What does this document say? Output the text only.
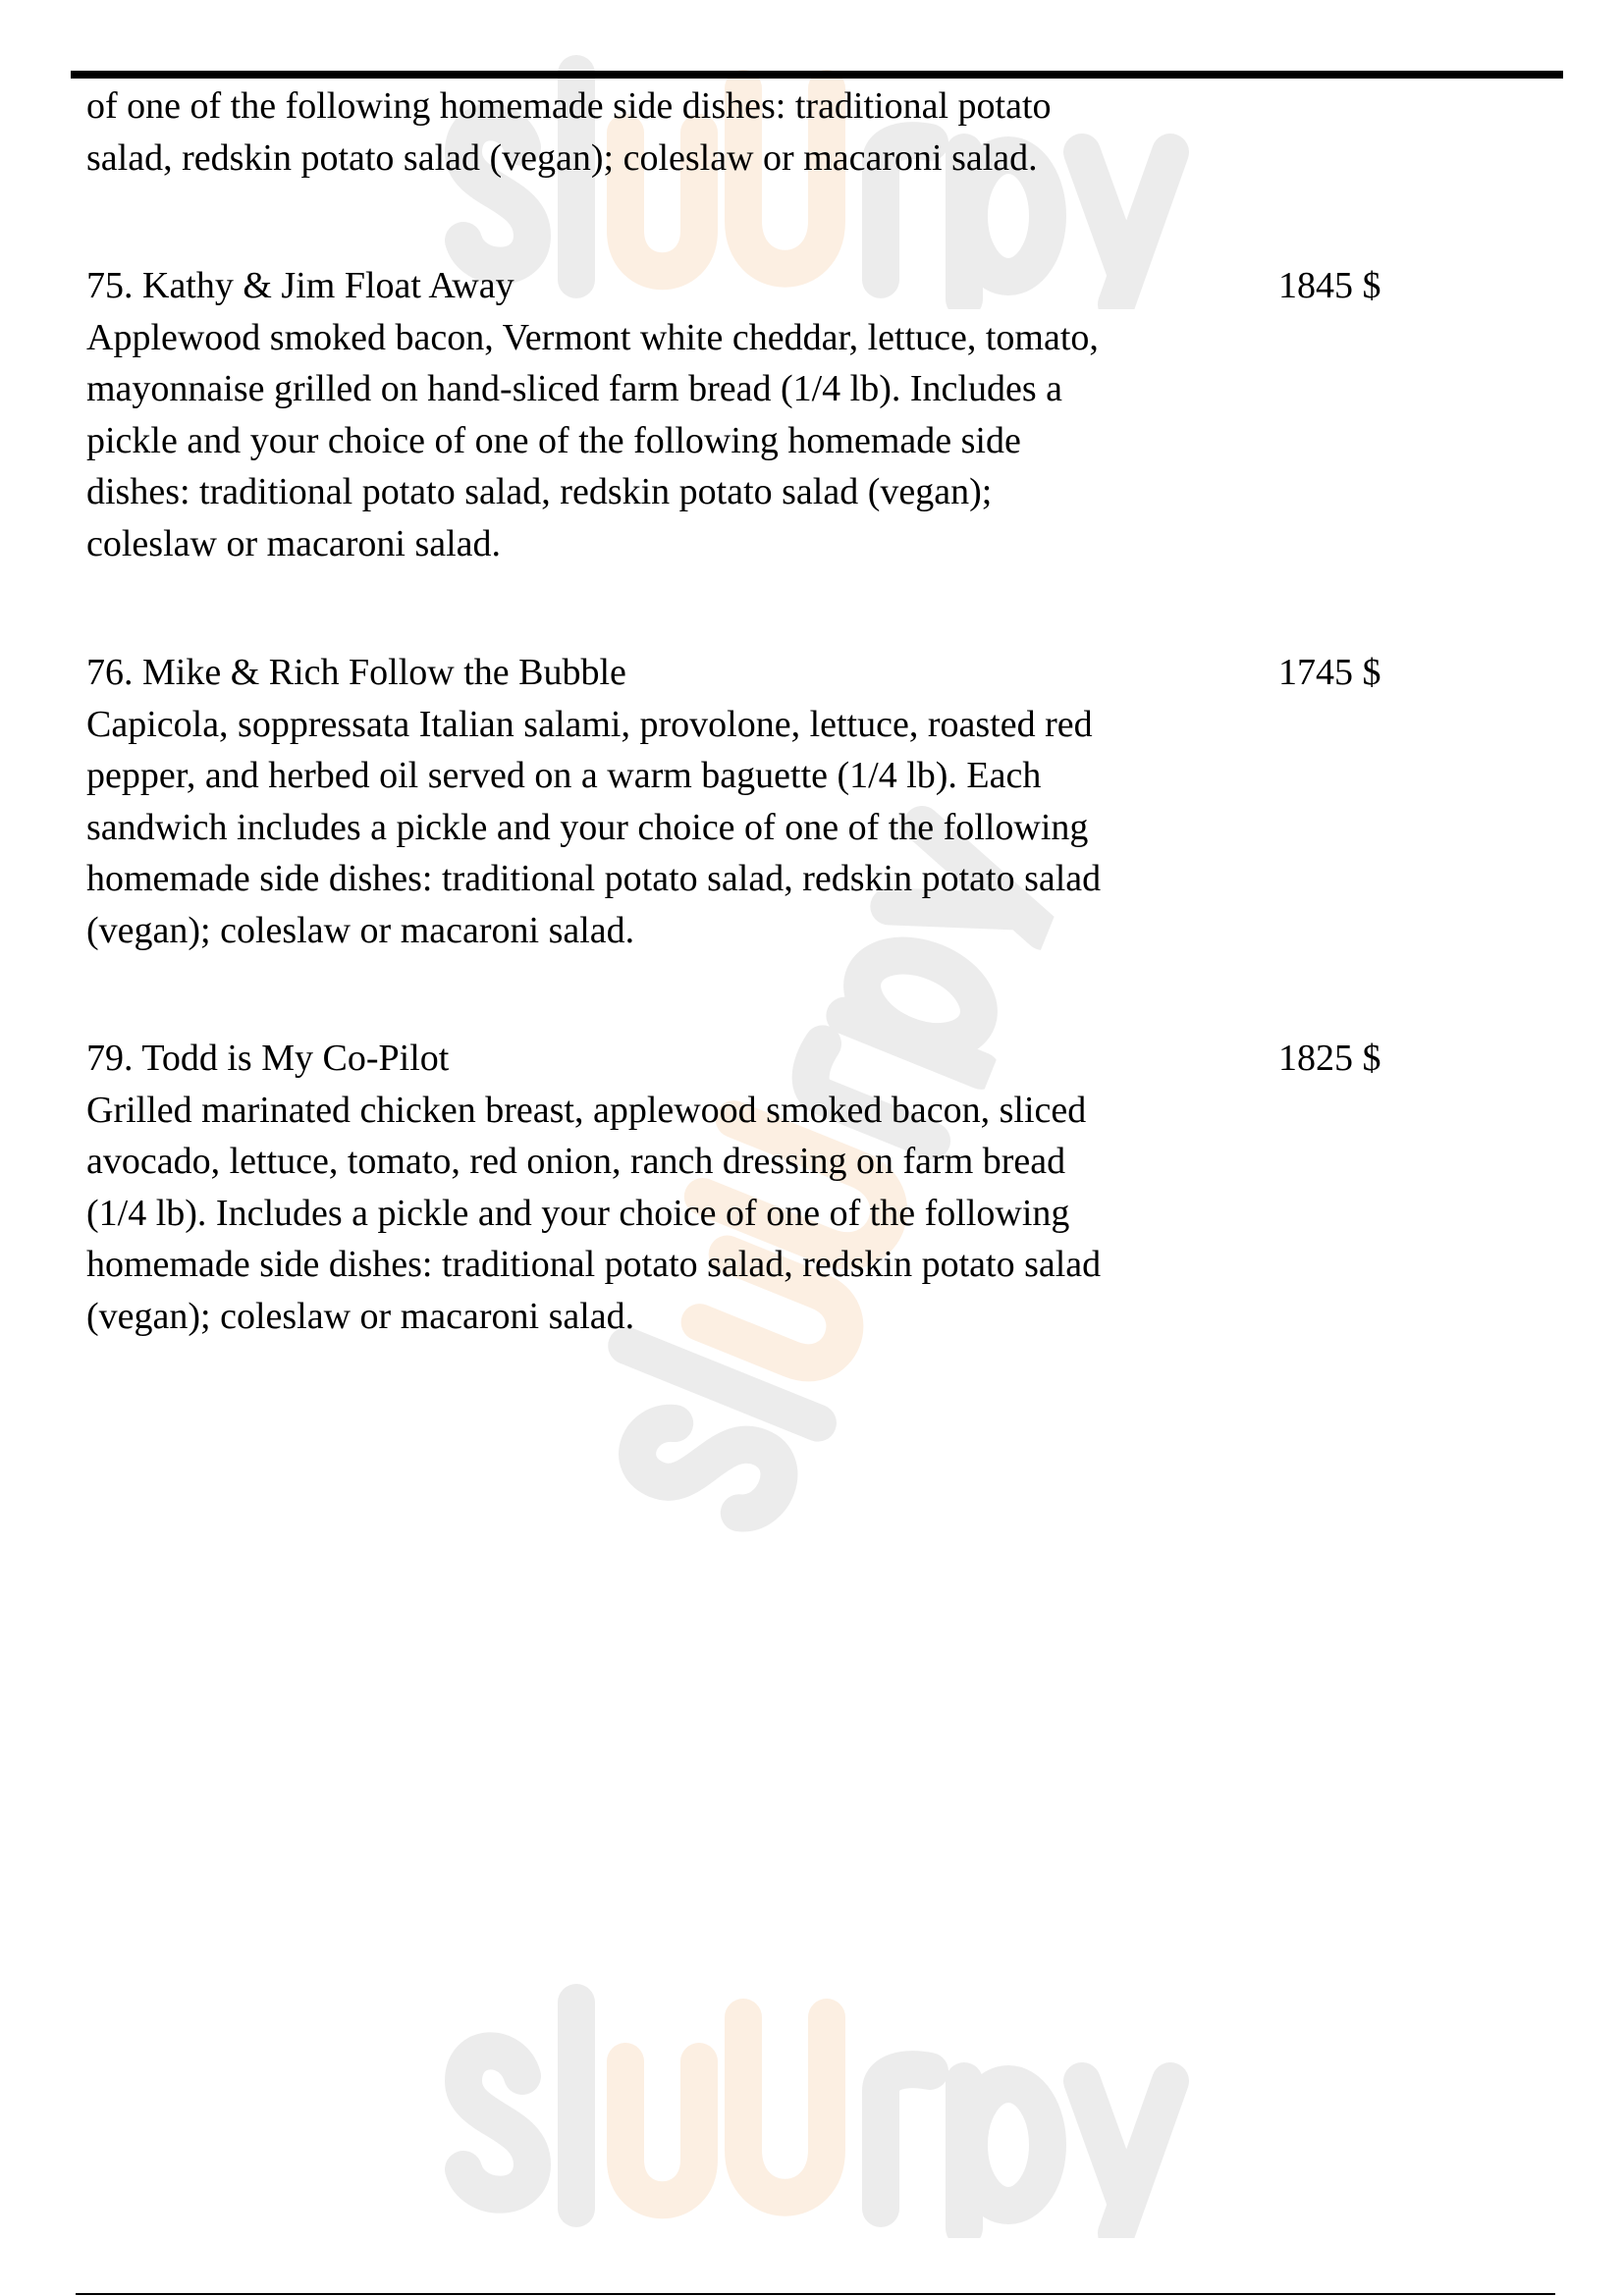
of one of the following homemade side dishes: traditional potato
salad, redskin potato salad (vegan); coleslaw or macaroni salad.
75. Kathy & Jim Float Away	1845 $
Applewood smoked bacon, Vermont white cheddar, lettuce, tomato,
mayonnaise grilled on hand-sliced farm bread (1/4 lb). Includes a
pickle and your choice of one of the following homemade side
dishes: traditional potato salad, redskin potato salad (vegan);
coleslaw or macaroni salad.
76. Mike & Rich Follow the Bubble	1745 $
Capicola, soppressata Italian salami, provolone, lettuce, roasted red
pepper, and herbed oil served on a warm baguette (1/4 lb). Each
sandwich includes a pickle and your choice of one of the following
homemade side dishes: traditional potato salad, redskin potato salad
(vegan); coleslaw or macaroni salad.
79. Todd is My Co-Pilot	1825 $
Grilled marinated chicken breast, applewood smoked bacon, sliced
avocado, lettuce, tomato, red onion, ranch dressing on farm bread
(1/4 lb). Includes a pickle and your choice of one of the following
homemade side dishes: traditional potato salad, redskin potato salad
(vegan); coleslaw or macaroni salad.
